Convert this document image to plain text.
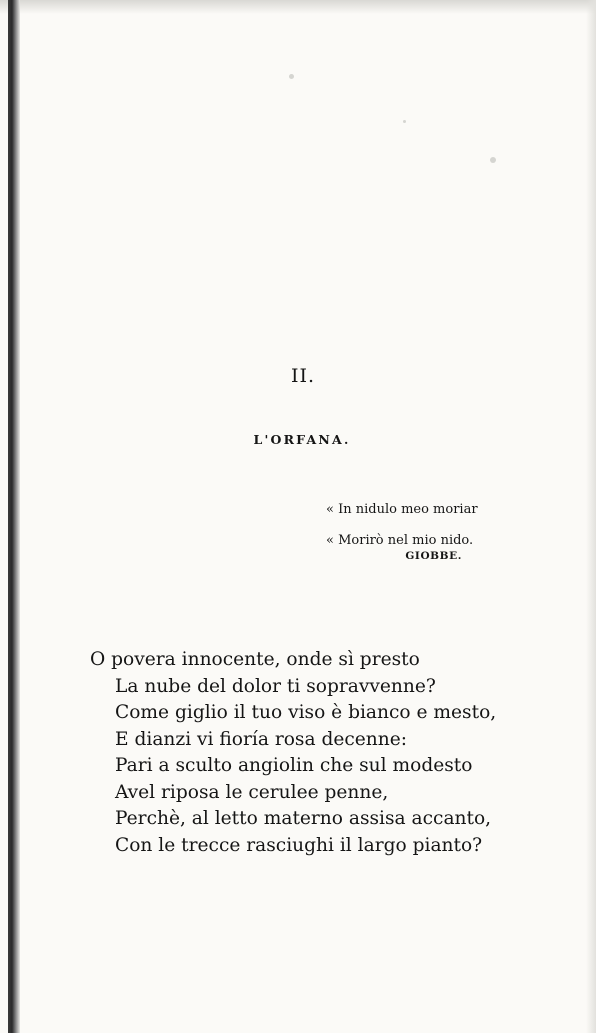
II.
L'ORFANA.
« In nidulo meo moriar
« Morirò nel mio nido.
GIOBBE.
O povera innocente, onde sì presto
La nube del dolor ti sopravvenne?
Come giglio il tuo viso è bianco e mesto,
E dianzi vi fioría rosa decenne:
Pari a sculto angiolin che sul modesto
Avel riposa le cerulee penne,
Perchè, al letto materno assisa accanto,
Con le trecce rasciughi il largo pianto?
